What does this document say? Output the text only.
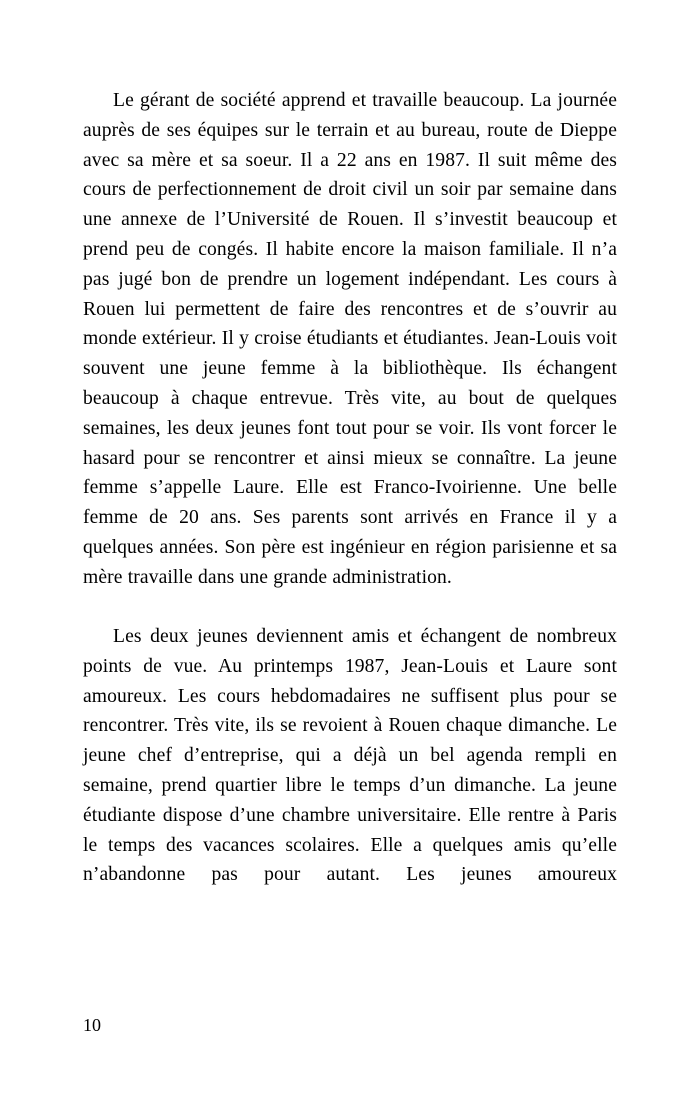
Le gérant de société apprend et travaille beaucoup. La journée auprès de ses équipes sur le terrain et au bureau, route de Dieppe avec sa mère et sa soeur. Il a 22 ans en 1987. Il suit même des cours de perfectionnement de droit civil un soir par semaine dans une annexe de l’Université de Rouen. Il s’investit beaucoup et prend peu de congés. Il habite encore la maison familiale. Il n’a pas jugé bon de prendre un logement indépendant. Les cours à Rouen lui permettent de faire des rencontres et de s’ouvrir au monde extérieur. Il y croise étudiants et étudiantes. Jean-Louis voit souvent une jeune femme à la bibliothèque. Ils échangent beaucoup à chaque entrevue. Très vite, au bout de quelques semaines, les deux jeunes font tout pour se voir. Ils vont forcer le hasard pour se rencontrer et ainsi mieux se connaître. La jeune femme s’appelle Laure. Elle est Franco-Ivoirienne. Une belle femme de 20 ans. Ses parents sont arrivés en France il y a quelques années. Son père est ingénieur en région parisienne et sa mère travaille dans une grande administration.

Les deux jeunes deviennent amis et échangent de nombreux points de vue. Au printemps 1987, Jean-Louis et Laure sont amoureux. Les cours hebdomadaires ne suffisent plus pour se rencontrer. Très vite, ils se revoient à Rouen chaque dimanche. Le jeune chef d’entreprise, qui a déjà un bel agenda rempli en semaine, prend quartier libre le temps d’un dimanche. La jeune étudiante dispose d’une chambre universitaire. Elle rentre à Paris le temps des vacances scolaires. Elle a quelques amis qu’elle n’abandonne pas pour autant. Les jeunes amoureux

10
